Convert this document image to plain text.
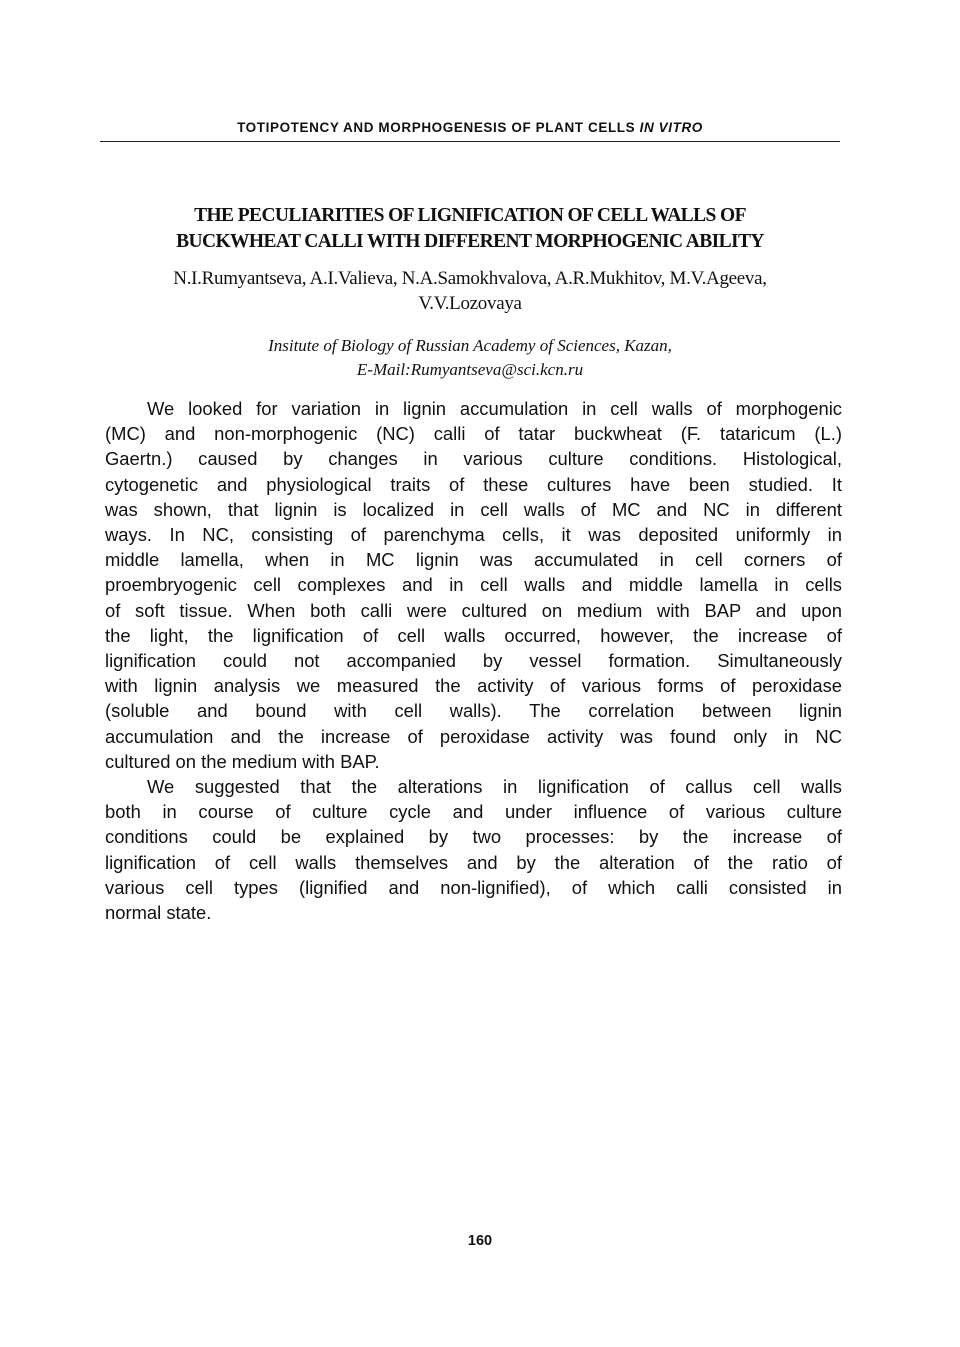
TOTIPOTENCY AND MORPHOGENESIS OF PLANT CELLS IN VITRO
THE PECULIARITIES OF LIGNIFICATION OF CELL WALLS OF
BUCKWHEAT CALLI WITH DIFFERENT MORPHOGENIC ABILITY
N.I.Rumyantseva, A.I.Valieva, N.A.Samokhvalova, A.R.Mukhitov, M.V.Ageeva,
V.V.Lozovaya
Insitute of Biology of Russian Academy of Sciences, Kazan,
E-Mail:Rumyantseva@sci.kcn.ru
We looked for variation in lignin accumulation in cell walls of morphogenic
(MC) and non-morphogenic (NC) calli of tatar buckwheat (F. tataricum (L.)
Gaertn.) caused by changes in various culture conditions. Histological,
cytogenetic and physiological traits of these cultures have been studied. It
was shown, that lignin is localized in cell walls of MC and NC in different
ways. In NC, consisting of parenchyma cells, it was deposited uniformly in
middle lamella, when in MC lignin was accumulated in cell corners of
proembryogenic cell complexes and in cell walls and middle lamella in cells
of soft tissue. When both calli were cultured on medium with BAP and upon
the light, the lignification of cell walls occurred, however, the increase of
lignification could not accompanied by vessel formation. Simultaneously
with lignin analysis we measured the activity of various forms of peroxidase
(soluble and bound with cell walls). The correlation between lignin
accumulation and the increase of peroxidase activity was found only in NC
cultured on the medium with BAP.
We suggested that the alterations in lignification of callus cell walls
both in course of culture cycle and under influence of various culture
conditions could be explained by two processes: by the increase of
lignification of cell walls themselves and by the alteration of the ratio of
various cell types (lignified and non-lignified), of which calli consisted in
normal state.
160
